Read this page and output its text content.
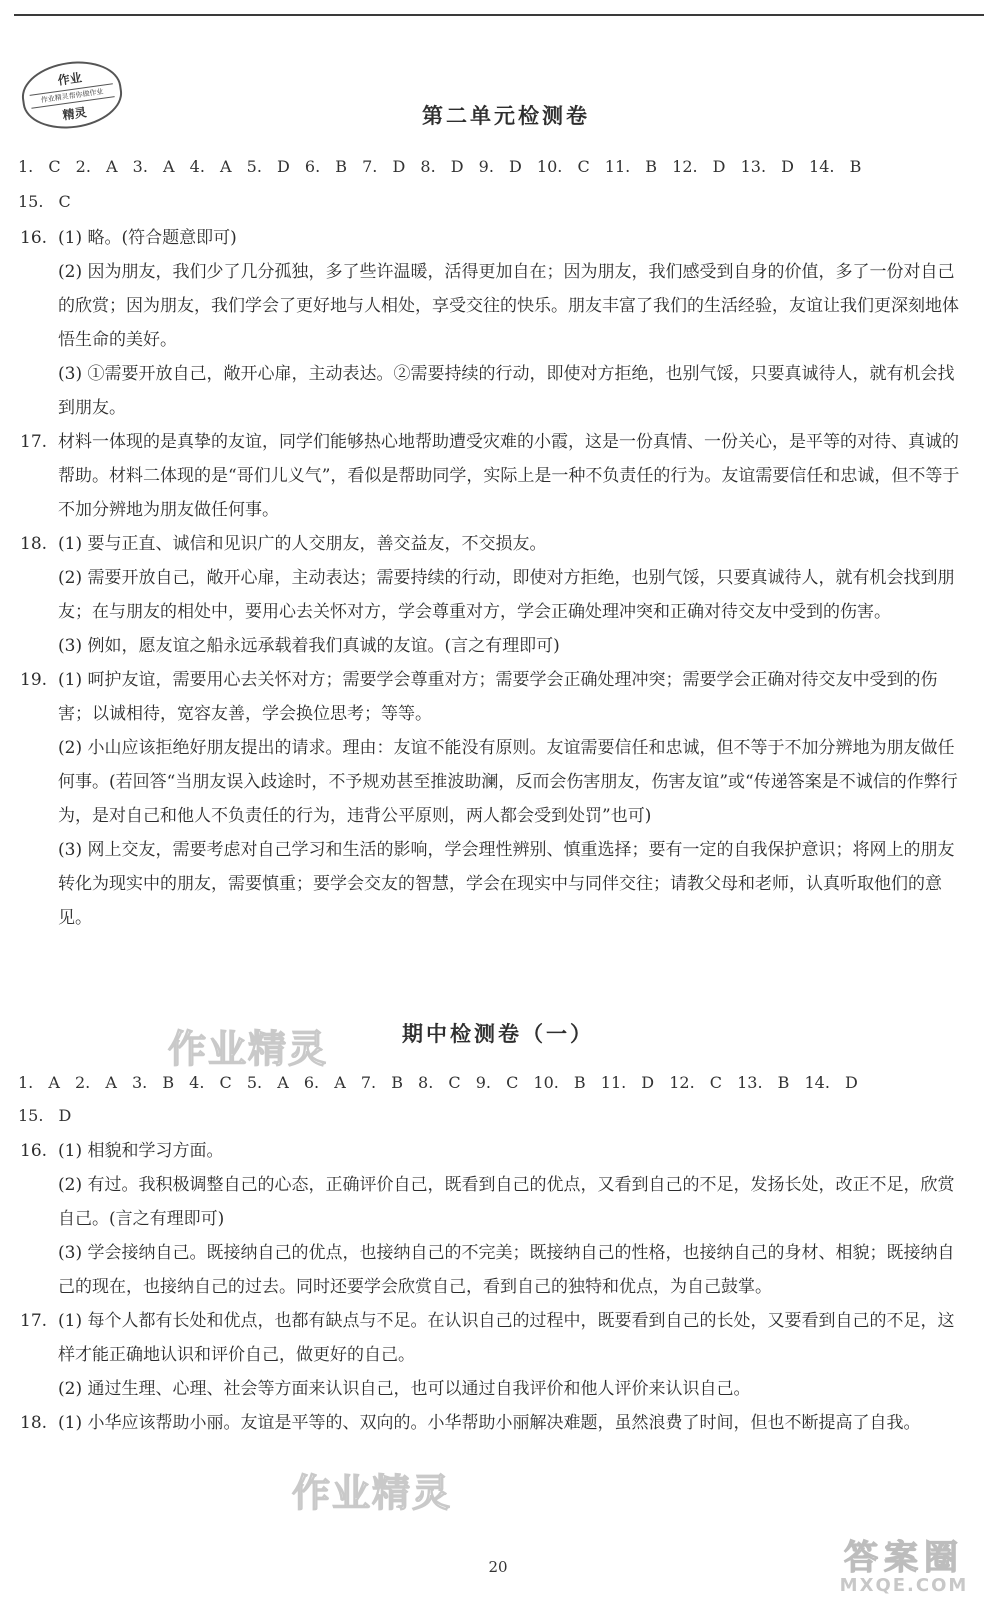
作业
作业精灵帮你做作业
精灵	第二单元检测卷
1. C 2. A 3. A 4. A 5. D 6. B 7. D 8. D 9. D 10. C 11. B 12. D 13. D 14. B
15. C
16. (1) 略。(符合题意即可)
(2) 因为朋友，我们少了几分孤独，多了些许温暖，活得更加自在；因为朋友，我们感受到自身的价值，多了一份对自己的欣赏；因为朋友，我们学会了更好地与人相处，享受交往的快乐。朋友丰富了我们的生活经验，友谊让我们更深刻地体悟生命的美好。
(3) ①需要开放自己，敞开心扉，主动表达。②需要持续的行动，即使对方拒绝，也别气馁，只要真诚待人，就有机会找到朋友。
17. 材料一体现的是真挚的友谊，同学们能够热心地帮助遭受灾难的小霞，这是一份真情、一份关心，是平等的对待、真诚的帮助。材料二体现的是“哥们儿义气”，看似是帮助同学，实际上是一种不负责任的行为。友谊需要信任和忠诚，但不等于不加分辨地为朋友做任何事。
18. (1) 要与正直、诚信和见识广的人交朋友，善交益友，不交损友。
(2) 需要开放自己，敞开心扉，主动表达；需要持续的行动，即使对方拒绝，也别气馁，只要真诚待人，就有机会找到朋友；在与朋友的相处中，要用心去关怀对方，学会尊重对方，学会正确处理冲突和正确对待交友中受到的伤害。
(3) 例如，愿友谊之船永远承载着我们真诚的友谊。(言之有理即可)
19. (1) 呵护友谊，需要用心去关怀对方；需要学会尊重对方；需要学会正确处理冲突；需要学会正确对待交友中受到的伤害；以诚相待，宽容友善，学会换位思考；等等。
(2) 小山应该拒绝好朋友提出的请求。理由：友谊不能没有原则。友谊需要信任和忠诚，但不等于不加分辨地为朋友做任何事。(若回答“当朋友误入歧途时，不予规劝甚至推波助澜，反而会伤害朋友，伤害友谊”或“传递答案是不诚信的作弊行为，是对自己和他人不负责任的行为，违背公平原则，两人都会受到处罚”也可)
(3) 网上交友，需要考虑对自己学习和生活的影响，学会理性辨别、慎重选择；要有一定的自我保护意识；将网上的朋友转化为现实中的朋友，需要慎重；要学会交友的智慧，学会在现实中与同伴交往；请教父母和老师，认真听取他们的意见。
作业精灵	期中检测卷（一）
1. A 2. A 3. B 4. C 5. A 6. A 7. B 8. C 9. C 10. B 11. D 12. C 13. B 14. D
15. D
16. (1) 相貌和学习方面。
(2) 有过。我积极调整自己的心态，正确评价自己，既看到自己的优点，又看到自己的不足，发扬长处，改正不足，欣赏自己。(言之有理即可)
(3) 学会接纳自己。既接纳自己的优点，也接纳自己的不完美；既接纳自己的性格，也接纳自己的身材、相貌；既接纳自己的现在，也接纳自己的过去。同时还要学会欣赏自己，看到自己的独特和优点，为自己鼓掌。
17. (1) 每个人都有长处和优点，也都有缺点与不足。在认识自己的过程中，既要看到自己的长处，又要看到自己的不足，这样才能正确地认识和评价自己，做更好的自己。
(2) 通过生理、心理、社会等方面来认识自己，也可以通过自我评价和他人评价来认识自己。
18. (1) 小华应该帮助小丽。友谊是平等的、双向的。小华帮助小丽解决难题，虽然浪费了时间，但也不断提高了自我。
作业精灵
20	答案圈
MXQE.COM
